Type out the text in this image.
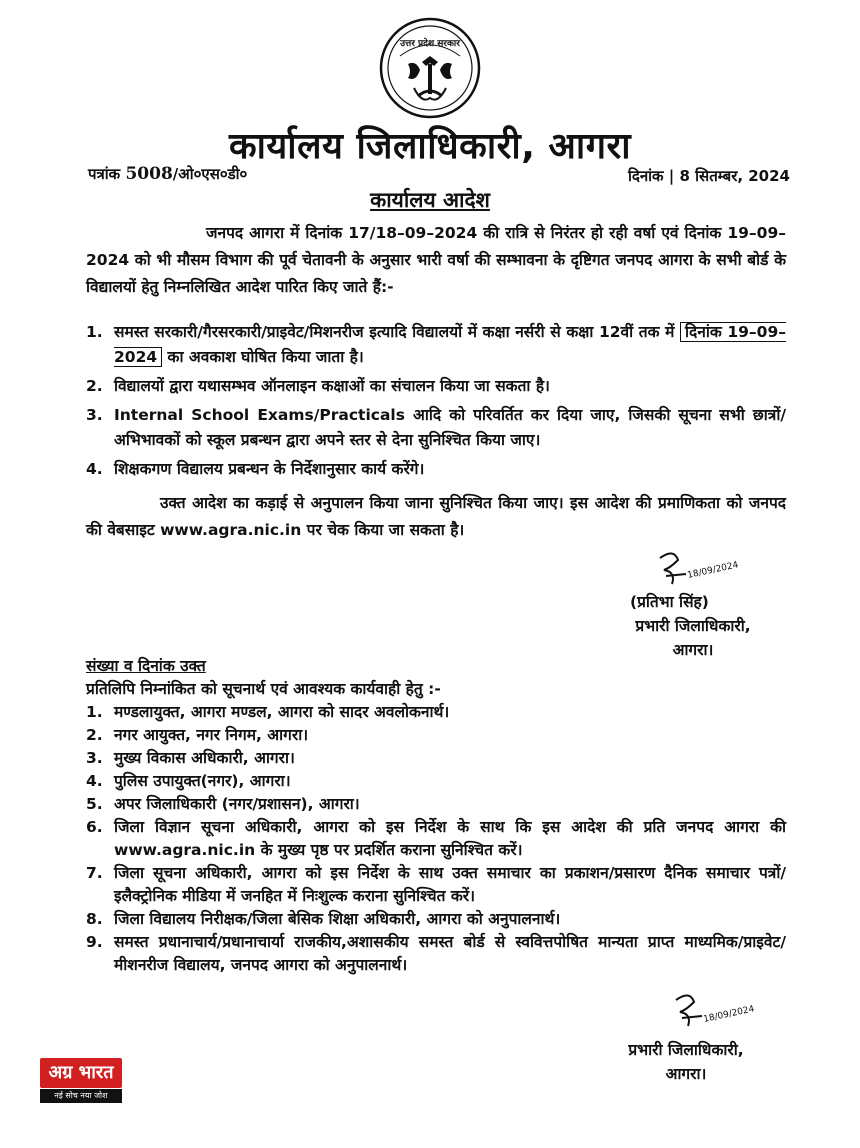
उत्तर प्रदेश सरकार
कार्यालय जिलाधिकारी, आगरा
पत्रांक 5008/ओ०एस०डी०	दिनांक | 8 सितम्बर, 2024
कार्यालय आदेश
जनपद आगरा में दिनांक 17/18–09–2024 की रात्रि से निरंतर हो रही वर्षा एवं दिनांक 19–09–2024 को भी मौसम विभाग की पूर्व चेतावनी के अनुसार भारी वर्षा की सम्भावना के दृष्टिगत जनपद आगरा के सभी बोर्ड के विद्यालयों हेतु निम्नलिखित आदेश पारित किए जाते हैं:-
1. समस्त सरकारी/गैरसरकारी/प्राइवेट/मिशनरीज इत्यादि विद्यालयों में कक्षा नर्सरी से कक्षा 12वीं तक में दिनांक 19–09–2024 का अवकाश घोषित किया जाता है।
2. विद्यालयों द्वारा यथासम्भव ऑनलाइन कक्षाओं का संचालन किया जा सकता है।
3. Internal School Exams/Practicals आदि को परिवर्तित कर दिया जाए, जिसकी सूचना सभी छात्रों/अभिभावकों को स्कूल प्रबन्धन द्वारा अपने स्तर से देना सुनिश्चित किया जाए।
4. शिक्षकगण विद्यालय प्रबन्धन के निर्देशानुसार कार्य करेंगे।
उक्त आदेश का कड़ाई से अनुपालन किया जाना सुनिश्चित किया जाए। इस आदेश की प्रमाणिकता को जनपद की वेबसाइट www.agra.nic.in पर चेक किया जा सकता है।
18/09/2024
(प्रतिभा सिंह)
प्रभारी जिलाधिकारी,
आगरा।
संख्या व दिनांक उक्त
प्रतिलिपि निम्नांकित को सूचनार्थ एवं आवश्यक कार्यवाही हेतु :-
1. मण्डलायुक्त, आगरा मण्डल, आगरा को सादर अवलोकनार्थ।
2. नगर आयुक्त, नगर निगम, आगरा।
3. मुख्य विकास अधिकारी, आगरा।
4. पुलिस उपायुक्त(नगर), आगरा।
5. अपर जिलाधिकारी (नगर/प्रशासन), आगरा।
6. जिला विज्ञान सूचना अधिकारी, आगरा को इस निर्देश के साथ कि इस आदेश की प्रति जनपद आगरा की www.agra.nic.in के मुख्य पृष्ठ पर प्रदर्शित कराना सुनिश्चित करें।
7. जिला सूचना अधिकारी, आगरा को इस निर्देश के साथ उक्त समाचार का प्रकाशन/प्रसारण दैनिक समाचार पत्रों/इलैक्ट्रोनिक मीडिया में जनहित में निःशुल्क कराना सुनिश्चित करें।
8. जिला विद्यालय निरीक्षक/जिला बेसिक शिक्षा अधिकारी, आगरा को अनुपालनार्थ।
9. समस्त प्रधानाचार्य/प्रधानाचार्या राजकीय,अशासकीय समस्त बोर्ड से स्ववित्तपोषित मान्यता प्राप्त माध्यमिक/प्राइवेट/मीशनरीज विद्यालय, जनपद आगरा को अनुपालनार्थ।
18/09/2024
प्रभारी जिलाधिकारी,
आगरा।
अग्र भारत
नई सोच नया जोश
